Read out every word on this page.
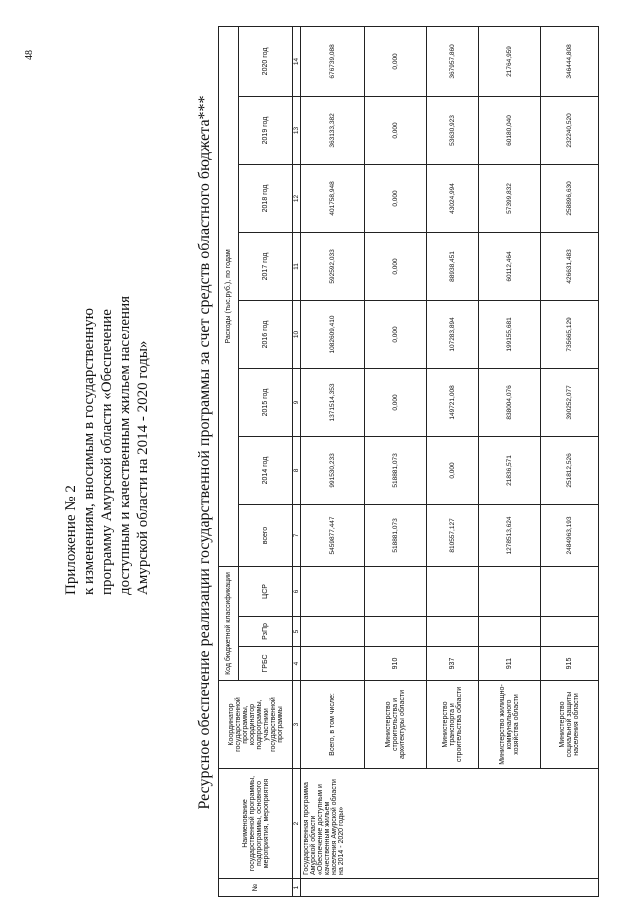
48
Приложение № 2 к изменениям, вносимым в государственную программу Амурской области «Обеспечение доступным и качественным жильем населения Амурской области на 2014 - 2020 годы»	Ресурсное обеспечение реализации государственной программы за счет средств областного бюджета***
№	Наименование государственной программы, подпрограммы, основного мероприятия, мероприятия	Координатор государственной программы, координатор подпрограммы, участники государственной программы	Код бюджетной классификации			Расходы (тыс.руб.), по годам							
			ГРБС	РзПр	ЦСР	всего	2014 год	2015 год	2016 год	2017 год	2018 год	2019 год	2020 год
1	2	3	4	5	6	7	8	9	10	11	12	13	14
	Государственная программа Амурской области «Обеспечение доступным и качественным жильем населения Амурской области на 2014 - 2020 годы»	Всего, в том числе:				5459877,447	991530,233	1371514,353	1082609,410	592592,033	401758,948	363133,382	676739,088
		Министерство строительства и архитектуры области	910			518881,073	518881,073	0,000	0,000	0,000	0,000	0,000	0,000
		Министерство транспорта и строительства области	937			810557,127	0,000	149721,008	107283,894	88938,451	43024,994	53630,923	367957,860
		Министерство жилищно-коммунального хозяйства области	911			1278513,624	21836,571	838004,076	199155,681	60112,464	57399,832	60180,040	21764,959
		Министерство социальной защиты населения области	915			2484963,193	251812,526	390252,077	735665,129	426631,483	258896,630	232240,520	346444,808
